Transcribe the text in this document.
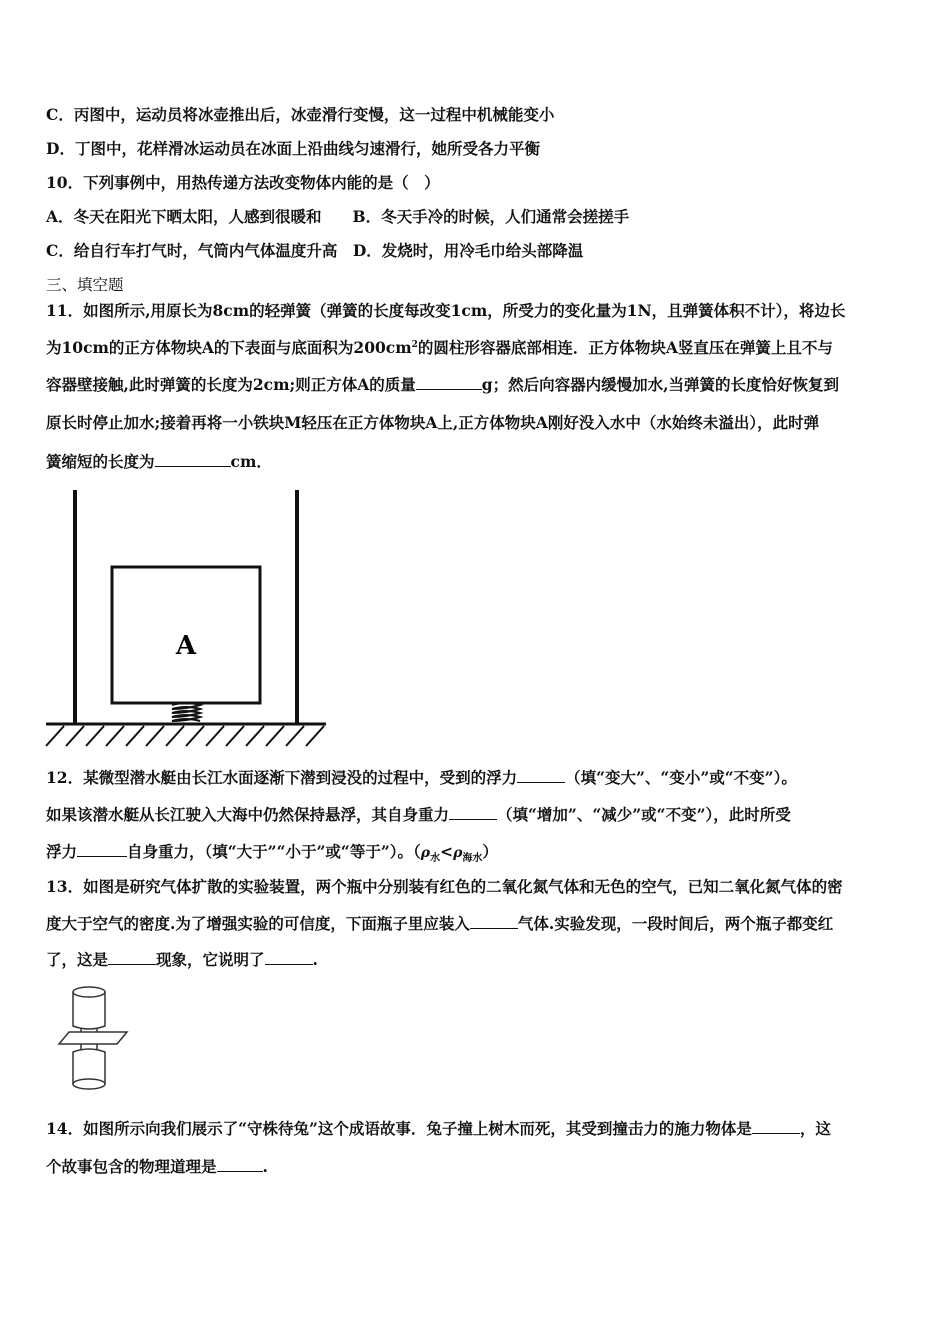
C．丙图中，运动员将冰壶推出后，冰壶滑行变慢，这一过程中机械能变小
D．丁图中，花样滑冰运动员在冰面上沿曲线匀速滑行，她所受各力平衡
10．下列事例中，用热传递方法改变物体内能的是（　）
A．冬天在阳光下晒太阳，人感到很暖和　　B．冬天手冷的时候，人们通常会搓搓手
C．给自行车打气时，气筒内气体温度升高　D．发烧时，用冷毛巾给头部降温
三、填空题
11．如图所示,用原长为8cm的轻弹簧（弹簧的长度每改变1cm，所受力的变化量为1N，且弹簧体积不计），将边长
为10cm的正方体物块A的下表面与底面积为$200cm^2$的圆柱形容器底部相连．正方体物块A竖直压在弹簧上且不与
容器壁接触,此时弹簧的长度为2cm;则正方体A的质量	g；然后向容器内缓慢加水,当弹簧的长度恰好恢复到
原长时停止加水;接着再将一小铁块M轻压在正方体物块A上,正方体物块A刚好没入水中（水始终未溢出），此时弹
簧缩短的长度为	cm．
A
12．某微型潜水艇由长江水面逐渐下潜到浸没的过程中，受到的浮力	（填“变大”、“变小”或“不变”）。
如果该潜水艇从长江驶入大海中仍然保持悬浮，其自身重力	（填“增加”、“减少”或“不变”），此时所受
浮力	自身重力，（填“大于”“小于”或“等于”）。$(\rho_水<\rho_{海水})$
13．如图是研究气体扩散的实验装置，两个瓶中分别装有红色的二氧化氮气体和无色的空气，已知二氧化氮气体的密
度大于空气的密度.为了增强实验的可信度，下面瓶子里应装入	气体.实验发现，一段时间后，两个瓶子都变红
了，这是	现象，它说明了	.
14．如图所示向我们展示了“守株待兔”这个成语故事．兔子撞上树木而死，其受到撞击力的施力物体是	，这
个故事包含的物理道理是	.
